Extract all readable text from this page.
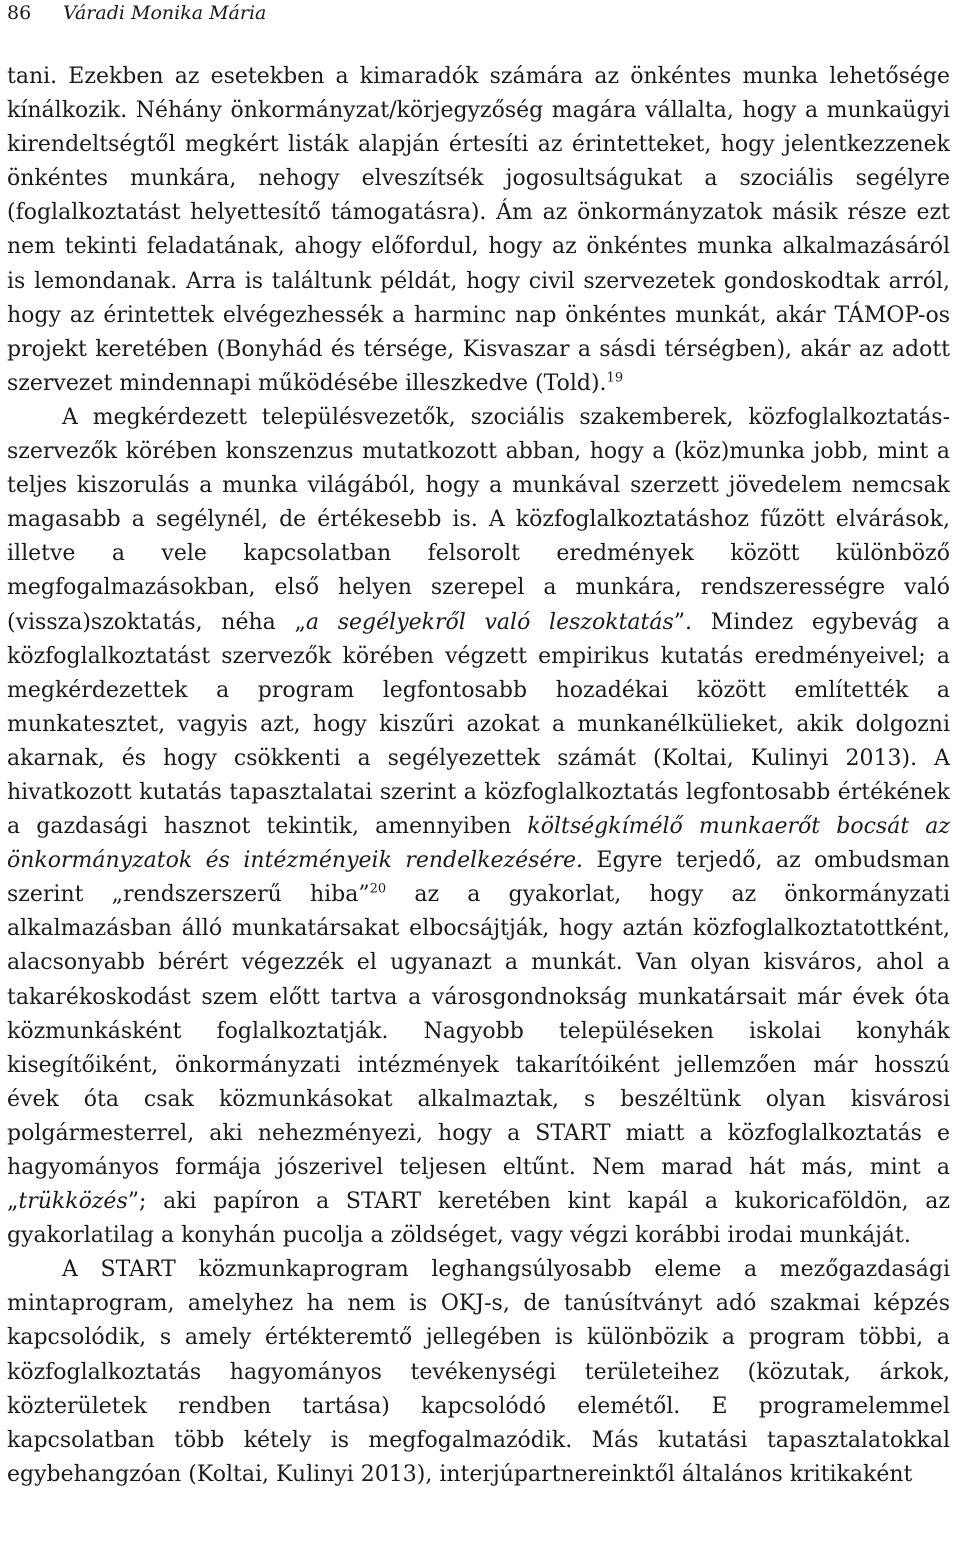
86 Váradi Monika Mária

tani. Ezekben az esetekben a kimaradók számára az önkéntes munka lehetősége kínálkozik. Néhány önkormányzat/körjegyzőség magára vállalta, hogy a munkaügyi kirendeltségtől megkért listák alapján értesíti az érintetteket, hogy jelentkezzenek önkéntes munkára, nehogy elveszítsék jogosultságukat a szociális segélyre (foglalkoztatást helyettesítő támogatásra). Ám az önkormányzatok másik része ezt nem tekinti feladatának, ahogy előfordul, hogy az önkéntes munka alkalmazásáról is lemondanak. Arra is találtunk példát, hogy civil szervezetek gondoskodtak arról, hogy az érintettek elvégezhessék a harminc nap önkéntes munkát, akár TÁMOP-os projekt keretében (Bonyhád és térsége, Kisvaszar a sásdi térségben), akár az adott szervezet mindennapi működésébe illeszkedve (Told).$^{19}$

A megkérdezett településvezetők, szociális szakemberek, közfoglalkoztatás-szervezők körében konszenzus mutatkozott abban, hogy a (köz)munka jobb, mint a teljes kiszorulás a munka világából, hogy a munkával szerzett jövedelem nemcsak magasabb a segélynél, de értékesebb is. A közfoglalkoztatáshoz fűzött elvárások, illetve a vele kapcsolatban felsorolt eredmények között különböző megfogalmazásokban, első helyen szerepel a munkára, rendszerességre való (vissza)szoktatás, néha „a segélyekről való leszoktatás”. Mindez egybevág a közfoglalkoztatást szervezők körében végzett empirikus kutatás eredményeivel; a megkérdezettek a program legfontosabb hozadékai között említették a munkatesztet, vagyis azt, hogy kiszűri azokat a munkanélkülieket, akik dolgozni akarnak, és hogy csökkenti a segélyezettek számát (Koltai, Kulinyi 2013). A hivatkozott kutatás tapasztalatai szerint a közfoglalkoztatás legfontosabb értékének a gazdasági hasznot tekintik, amennyiben költségkímélő munkaerőt bocsát az önkormányzatok és intézményeik rendelkezésére. Egyre terjedő, az ombudsman szerint „rendszerszerű hiba”$^{20}$ az a gyakorlat, hogy az önkormányzati alkalmazásban álló munkatársakat elbocsájtják, hogy aztán közfoglalkoztatottként, alacsonyabb bérért végezzék el ugyanazt a munkát. Van olyan kisváros, ahol a takarékoskodást szem előtt tartva a városgondnokság munkatársait már évek óta közmunkásként foglalkoztatják. Nagyobb településeken iskolai konyhák kisegítőiként, önkormányzati intézmények takarítóiként jellemzően már hosszú évek óta csak közmunkásokat alkalmaztak, s beszéltünk olyan kisvárosi polgármesterrel, aki nehezményezi, hogy a START miatt a közfoglalkoztatás e hagyományos formája jószerivel teljesen eltűnt. Nem marad hát más, mint a „trükközés”; aki papíron a START keretében kint kapál a kukoricaföldön, az gyakorlatilag a konyhán pucolja a zöldséget, vagy végzi korábbi irodai munkáját.

A START közmunkaprogram leghangsúlyosabb eleme a mezőgazdasági mintaprogram, amelyhez ha nem is OKJ-s, de tanúsítványt adó szakmai képzés kapcsolódik, s amely értékteremtő jellegében is különbözik a program többi, a közfoglalkoztatás hagyományos tevékenységi területeihez (közutak, árkok, közterületek rendben tartása) kapcsolódó elemétől. E programelemmel kapcsolatban több kétely is megfogalmazódik. Más kutatási tapasztalatokkal egybehangzóan (Koltai, Kulinyi 2013), interjúpartnereinktől általános kritikaként
